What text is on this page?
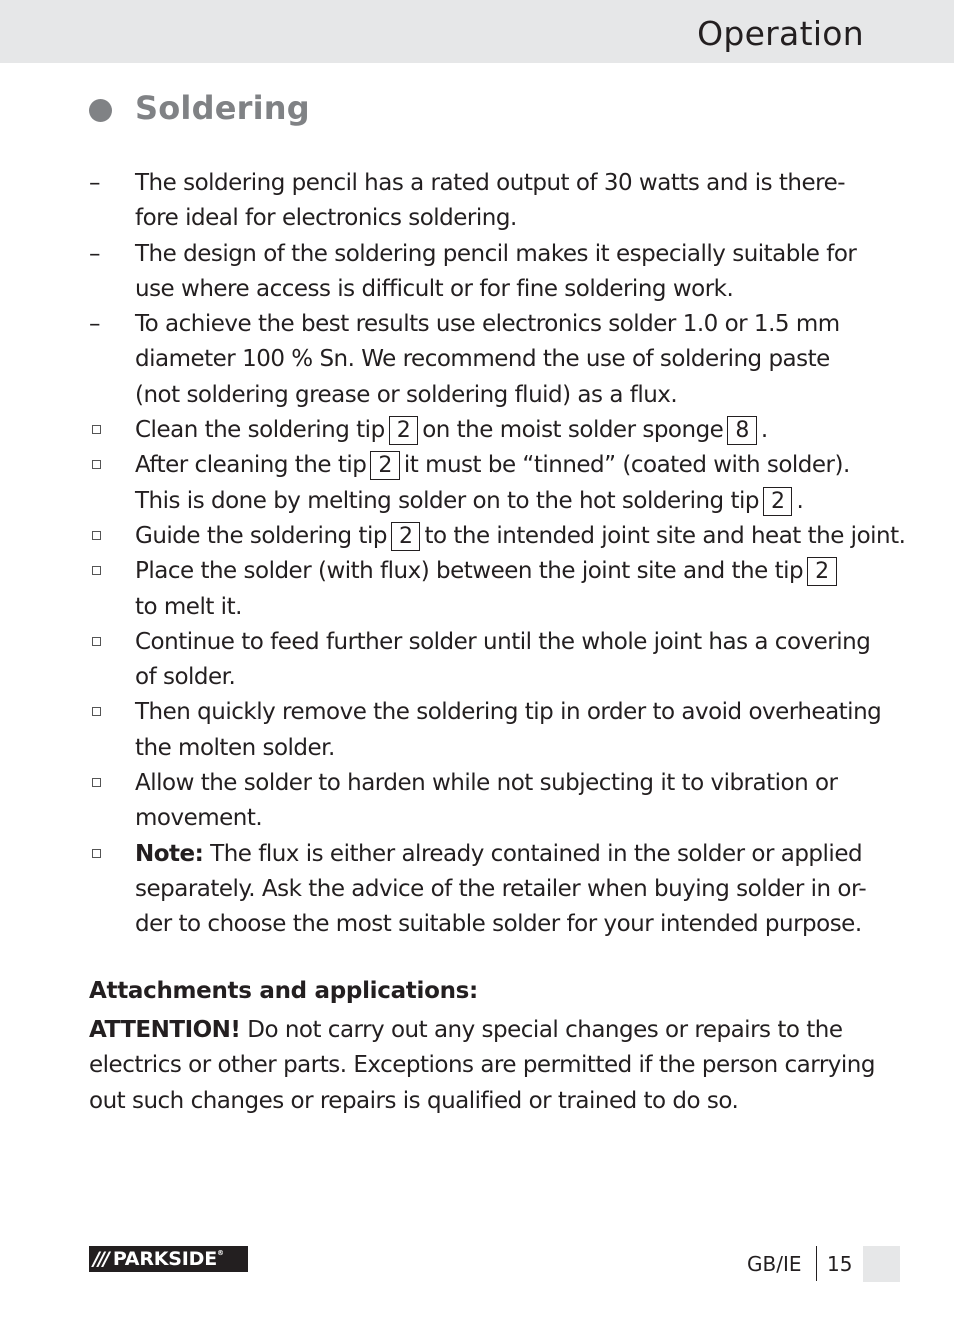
Operation
Soldering
– The soldering pencil has a rated output of 30 watts and is there-
fore ideal for electronics soldering.
– The design of the soldering pencil makes it especially suitable for
use where access is difficult or for fine soldering work.
– To achieve the best results use electronics solder 1.0 or 1.5 mm
diameter 100 % Sn. We recommend the use of soldering paste
(not soldering grease or soldering fluid) as a flux.
Clean the soldering tip 2 on the moist solder sponge 8 .
After cleaning the tip 2 it must be “tinned” (coated with solder).
This is done by melting solder on to the hot soldering tip 2 .
Guide the soldering tip 2 to the intended joint site and heat the joint.
Place the solder (with flux) between the joint site and the tip 2
to melt it.
Continue to feed further solder until the whole joint has a covering
of solder.
Then quickly remove the soldering tip in order to avoid overheating
the molten solder.
Allow the solder to harden while not subjecting it to vibration or
movement.
Note: The flux is either already contained in the solder or applied
separately. Ask the advice of the retailer when buying solder in or-
der to choose the most suitable solder for your intended purpose.
Attachments and applications:
ATTENTION! Do not carry out any special changes or repairs to the
electrics or other parts. Exceptions are permitted if the person carrying
out such changes or repairs is qualified or trained to do so.
/// PARKSIDE ®	GB/IE 15
